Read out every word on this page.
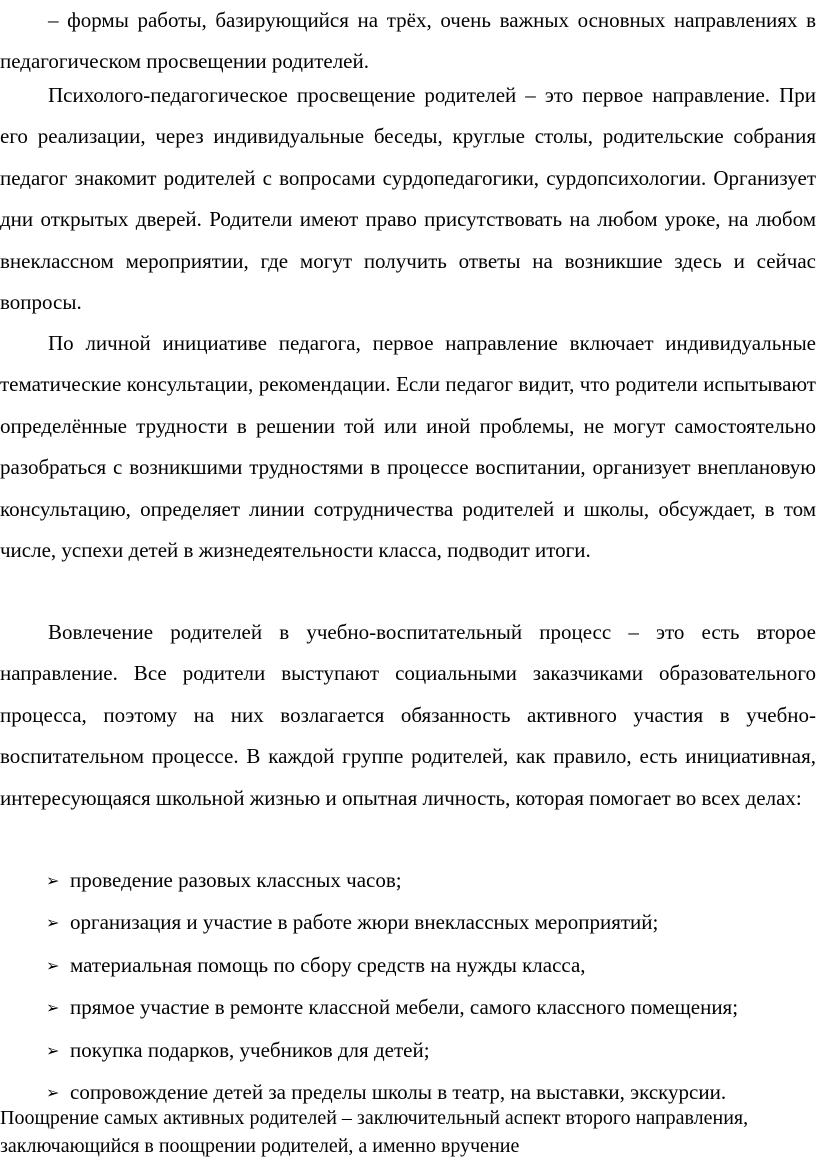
– формы работы, базирующийся на трёх, очень важных основных направлениях в педагогическом просвещении родителей.

Психолого-педагогическое просвещение родителей – это первое направление. При его реализации, через индивидуальные беседы, круглые столы, родительские собрания педагог знакомит родителей с вопросами сурдопедагогики, сурдопсихологии. Организует дни открытых дверей. Родители имеют право присутствовать на любом уроке, на любом внеклассном мероприятии, где могут получить ответы на возникшие здесь и сейчас вопросы.

По личной инициативе педагога, первое направление включает индивидуальные тематические консультации, рекомендации. Если педагог видит, что родители испытывают определённые трудности в решении той или иной проблемы, не могут самостоятельно разобраться с возникшими трудностями в процессе воспитании, организует внеплановую консультацию, определяет линии сотрудничества родителей и школы, обсуждает, в том числе, успехи детей в жизнедеятельности класса, подводит итоги.

Вовлечение родителей в учебно-воспитательный процесс – это есть второе направление. Все родители выступают социальными заказчиками образовательного процесса, поэтому на них возлагается обязанность активного участия в учебно-воспитательном процессе. В каждой группе родителей, как правило, есть инициативная, интересующаяся школьной жизнью и опытная личность, которая помогает во всех делах:

➢ проведение разовых классных часов;
➢ организация и участие в работе жюри внеклассных мероприятий;
➢ материальная помощь по сбору средств на нужды класса,
➢ прямое участие в ремонте классной мебели, самого классного помещения;
➢ покупка подарков, учебников для детей;
➢ сопровождение детей за пределы школы в театр, на выставки, экскурсии.

Поощрение самых активных родителей – заключительный аспект второго направления, заключающийся в поощрении родителей, а именно вручение
